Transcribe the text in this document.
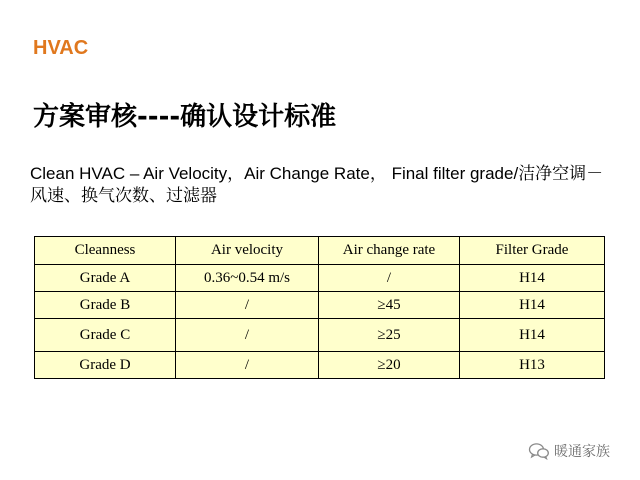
HVAC
方案审核----确认设计标准
Clean HVAC – Air Velocity，Air Change Rate， Final filter grade/洁净空调－风速、换气次数、过滤器
Cleanness	Air velocity	Air change rate	Filter Grade
Grade A	0.36~0.54 m/s	/	H14
Grade B	/	≥45	H14
Grade C	/	≥25	H14
Grade D	/	≥20	H13
暖通家族
